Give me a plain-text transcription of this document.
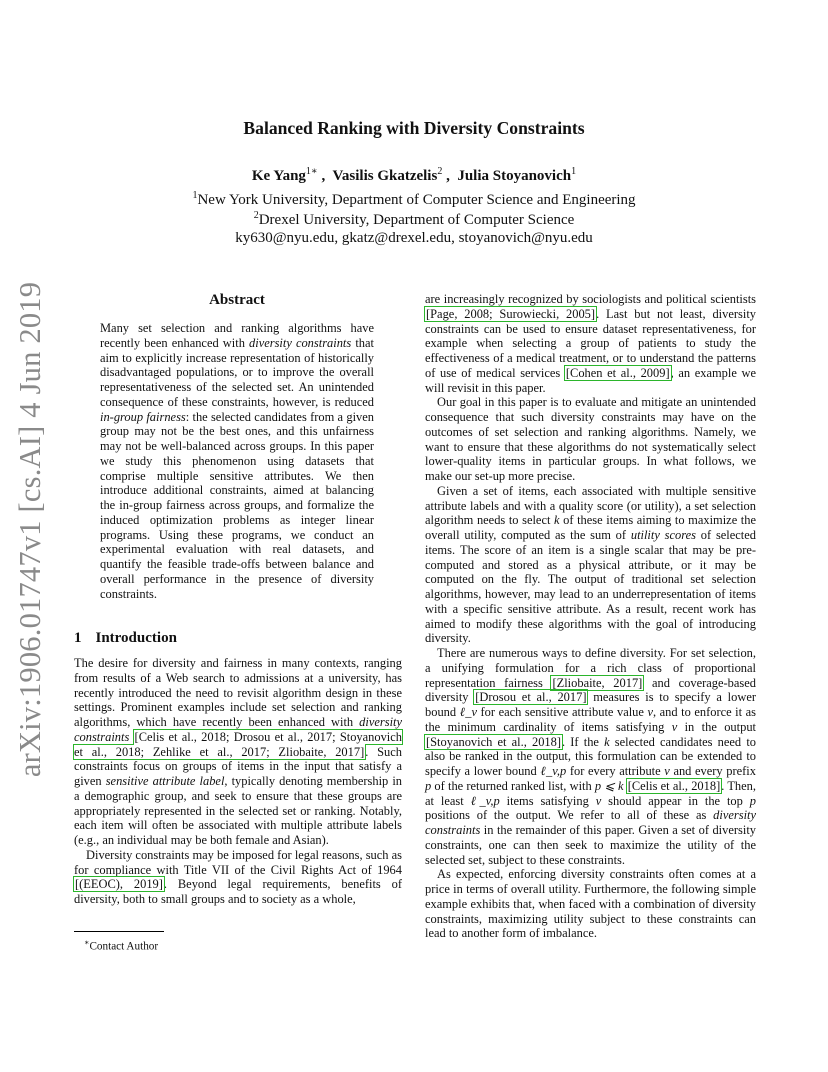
arXiv:1906.01747v1 [cs.AI] 4 Jun 2019
Balanced Ranking with Diversity Constraints
Ke Yang$^{1∗}$ ,  Vasilis Gkatzelis$^2$ ,  Julia Stoyanovich$^1$
$^1$New York University, Department of Computer Science and Engineering
$^2$Drexel University, Department of Computer Science
ky630@nyu.edu, gkatz@drexel.edu, stoyanovich@nyu.edu
Abstract

Many set selection and ranking algorithms have recently been enhanced with diversity constraints that aim to explicitly increase representation of historically disadvantaged populations, or to improve the overall representativeness of the selected set. An unintended consequence of these constraints, however, is reduced in-group fairness: the selected candidates from a given group may not be the best ones, and this unfairness may not be well-balanced across groups. In this paper we study this phenomenon using datasets that comprise multiple sensitive attributes. We then introduce additional constraints, aimed at balancing the in-group fairness across groups, and formalize the induced optimization problems as integer linear programs. Using these programs, we conduct an experimental evaluation with real datasets, and quantify the feasible trade-offs between balance and overall performance in the presence of diversity constraints.

1 Introduction

The desire for diversity and fairness in many contexts, ranging from results of a Web search to admissions at a university, has recently introduced the need to revisit algorithm design in these settings. Prominent examples include set selection and ranking algorithms, which have recently been enhanced with diversity constraints [Celis et al., 2018; Drosou et al., 2017; Stoyanovich et al., 2018; Zehlike et al., 2017; Zliobaite, 2017]. Such constraints focus on groups of items in the input that satisfy a given sensitive attribute label, typically denoting membership in a demographic group, and seek to ensure that these groups are appropriately represented in the selected set or ranking. Notably, each item will often be associated with multiple attribute labels (e.g., an individual may be both female and Asian).

Diversity constraints may be imposed for legal reasons, such as for compliance with Title VII of the Civil Rights Act of 1964 [(EEOC), 2019]. Beyond legal requirements, benefits of diversity, both to small groups and to society as a whole,

∗Contact Author

are increasingly recognized by sociologists and political scientists [Page, 2008; Surowiecki, 2005]. Last but not least, diversity constraints can be used to ensure dataset representativeness, for example when selecting a group of patients to study the effectiveness of a medical treatment, or to understand the patterns of use of medical services [Cohen et al., 2009], an example we will revisit in this paper.

Our goal in this paper is to evaluate and mitigate an unintended consequence that such diversity constraints may have on the outcomes of set selection and ranking algorithms. Namely, we want to ensure that these algorithms do not systematically select lower-quality items in particular groups. In what follows, we make our set-up more precise.

Given a set of items, each associated with multiple sensitive attribute labels and with a quality score (or utility), a set selection algorithm needs to select k of these items aiming to maximize the overall utility, computed as the sum of utility scores of selected items. The score of an item is a single scalar that may be pre-computed and stored as a physical attribute, or it may be computed on the fly. The output of traditional set selection algorithms, however, may lead to an underrepresentation of items with a specific sensitive attribute. As a result, recent work has aimed to modify these algorithms with the goal of introducing diversity.

There are numerous ways to define diversity. For set selection, a unifying formulation for a rich class of proportional representation fairness [Zliobaite, 2017] and coverage-based diversity [Drosou et al., 2017] measures is to specify a lower bound ℓ_v for each sensitive attribute value v, and to enforce it as the minimum cardinality of items satisfying v in the output [Stoyanovich et al., 2018]. If the k selected candidates need to also be ranked in the output, this formulation can be extended to specify a lower bound ℓ_v,p for every attribute v and every prefix p of the returned ranked list, with p ⩽ k [Celis et al., 2018]. Then, at least ℓ_v,p items satisfying v should appear in the top p positions of the output. We refer to all of these as diversity constraints in the remainder of this paper. Given a set of diversity constraints, one can then seek to maximize the utility of the selected set, subject to these constraints.

As expected, enforcing diversity constraints often comes at a price in terms of overall utility. Furthermore, the following simple example exhibits that, when faced with a combination of diversity constraints, maximizing utility subject to these constraints can lead to another form of imbalance.
